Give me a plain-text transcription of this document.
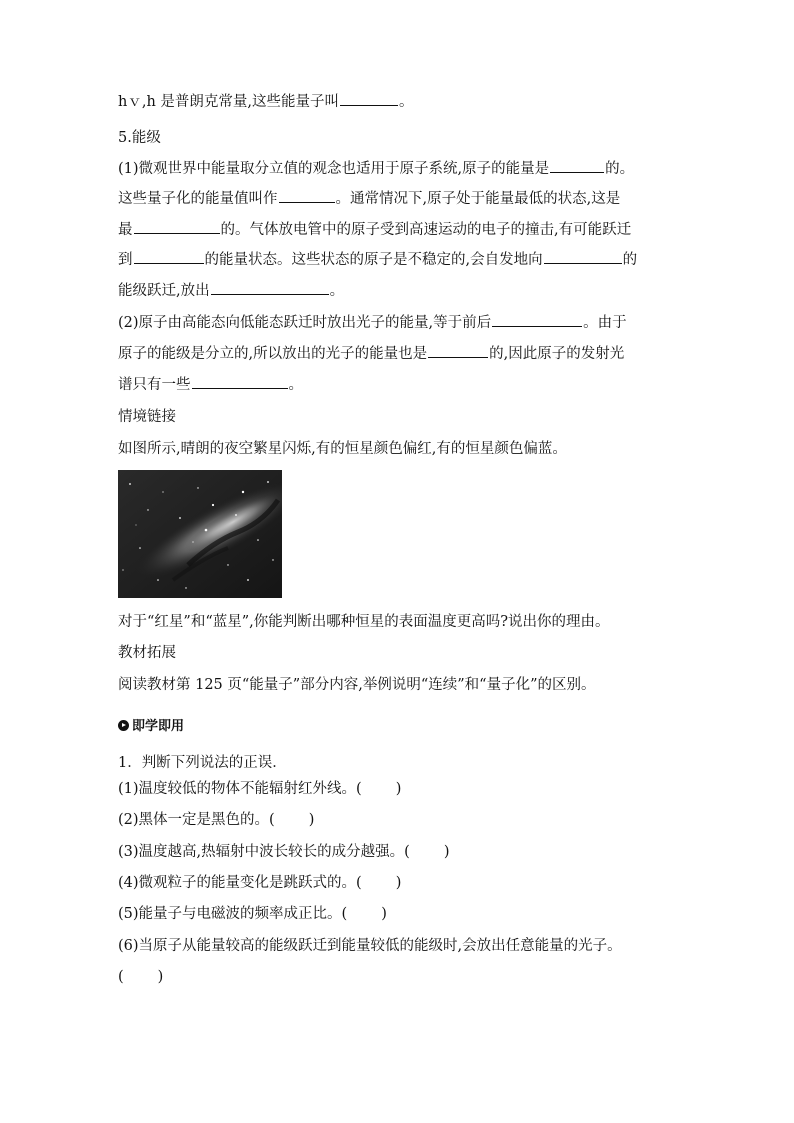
hｖ,h 是普朗克常量,这些能量子叫	。
5.能级
(1)微观世界中能量取分立值的观念也适用于原子系统,原子的能量是	的。
这些量子化的能量值叫作	。通常情况下,原子处于能量最低的状态,这是
最	的。气体放电管中的原子受到高速运动的电子的撞击,有可能跃迁
到	的能量状态。这些状态的原子是不稳定的,会自发地向	的
能级跃迁,放出	。
(2)原子由高能态向低能态跃迁时放出光子的能量,等于前后	。由于
原子的能级是分立的,所以放出的光子的能量也是	的,因此原子的发射光
谱只有一些	。
情境链接
如图所示,晴朗的夜空繁星闪烁,有的恒星颜色偏红,有的恒星颜色偏蓝。
对于“红星”和“蓝星”,你能判断出哪种恒星的表面温度更高吗?说出你的理由。
教材拓展
阅读教材第 125 页“能量子”部分内容,举例说明“连续”和“量子化”的区别。
即学即用
1．判断下列说法的正误．
(1)温度较低的物体不能辐射红外线。( )
(2)黑体一定是黑色的。( )
(3)温度越高,热辐射中波长较长的成分越强。( )
(4)微观粒子的能量变化是跳跃式的。( )
(5)能量子与电磁波的频率成正比。( )
(6)当原子从能量较高的能级跃迁到能量较低的能级时,会放出任意能量的光子。
( )
